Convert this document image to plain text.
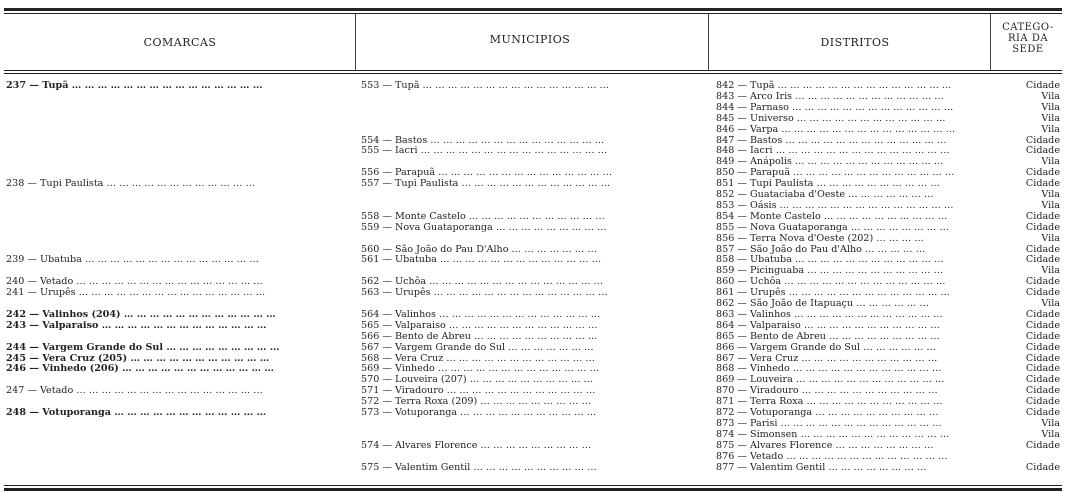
COMARCAS	MUNICIPIOS	DISTRITOS
CATEGO-
RIA DA
SEDE
237 — Tupã … … … … … … … … … … … … … … …
238 — Tupi Paulista … … … … … … … … … … … …
239 — Ubatuba … … … … … … … … … … … … … …
240 — Vetado … … … … … … … … … … … … … … …
241 — Urupês … … … … … … … … … … … … … … …
242 — Valinhos (204) … … … … … … … … … … … …
243 — Valparaiso … … … … … … … … … … … … …
244 — Vargem Grande do Sul … … … … … … … … …
245 — Vera Cruz (205) … … … … … … … … … … …
246 — Vinhedo (206) … … … … … … … … … … … …
247 — Vetado … … … … … … … … … … … … … … …
248 — Votuporanga … … … … … … … … … … … …
553 — Tupã … … … … … … … … … … … … … … …
554 — Bastos … … … … … … … … … … … … … …
555 — Iacri … … … … … … … … … … … … … … …
556 — Parapuã … … … … … … … … … … … … … …
557 — Tupi Paulista … … … … … … … … … … … …
558 — Monte Castelo … … … … … … … … … … …
559 — Nova Guataporanga … … … … … … … … …
560 — São João do Pau D'Alho … … … … … … …
561 — Ubatuba … … … … … … … … … … … … …
562 — Uchôa … … … … … … … … … … … … … …
563 — Urupês … … … … … … … … … … … … … …
564 — Valinhos … … … … … … … … … … … … …
565 — Valparaiso … … … … … … … … … … … …
566 — Bento de Abreu … … … … … … … … … …
567 — Vargem Grande do Sul … … … … … … …
568 — Vera Cruz … … … … … … … … … … … …
569 — Vinhedo … … … … … … … … … … … … …
570 — Louveira (207) … … … … … … … … … …
571 — Viradouro … … … … … … … … … … … …
572 — Terra Roxa (209) … … … … … … … … …
573 — Votuporanga … … … … … … … … … … …
574 — Alvares Florence … … … … … … … … …
575 — Valentim Gentil … … … … … … … … … …
842 — Tupã … … … … … … … … … … … … … …
843 — Arco Iris … … … … … … … … … … … …
844 — Parnaso … … … … … … … … … … … … …
845 — Universo … … … … … … … … … … … …
846 — Varpa … … … … … … … … … … … … … …
847 — Bastos … … … … … … … … … … … … …
848 — Iacri … … … … … … … … … … … … … …
849 — Anápolis … … … … … … … … … … … …
850 — Parapuã … … … … … … … … … … … … …
851 — Tupi Paulista … … … … … … … … … …
852 — Guataciaba d'Oeste … … … … … … …
853 — Oásis … … … … … … … … … … … … … …
854 — Monte Castelo … … … … … … … … … …
855 — Nova Guataporanga … … … … … … … …
856 — Terra Nova d'Oeste (202) … … … …
857 — São João do Pau d'Alho … … … … …
858 — Ubatuba … … … … … … … … … … … …
859 — Picinguaba … … … … … … … … … … …
860 — Uchôa … … … … … … … … … … … … …
861 — Urupês … … … … … … … … … … … … …
862 — São João de Itapuaçu … … … … … …
863 — Valinhos … … … … … … … … … … … …
864 — Valparaiso … … … … … … … … … … …
865 — Bento de Abreu … … … … … … … … …
866 — Vargem Grande do Sul … … … … … …
867 — Vera Cruz … … … … … … … … … … …
868 — Vinhedo … … … … … … … … … … … …
869 — Louveira … … … … … … … … … … … …
870 — Viradouro … … … … … … … … … … …
871 — Terra Roxa … … … … … … … … … … …
872 — Votuporanga … … … … … … … … … …
873 — Parisi … … … … … … … … … … … … …
874 — Simonsen … … … … … … … … … … … …
875 — Alvares Florence … … … … … … … …
876 — Vetado … … … … … … … … … … … … …
877 — Valentim Gentil … … … … … … … …
Cidade
Vila
Vila
Vila
Vila
Cidade
Cidade
Vila
Cidade
Cidade
Vila
Vila
Cidade
Cidade
Vila
Cidade
Cidade
Vila
Cidade
Cidade
Vila
Cidade
Cidade
Cidade
Cidade
Cidade
Cidade
Cidade
Cidade
Cidade
Cidade
Vila
Vila
Cidade
Cidade
